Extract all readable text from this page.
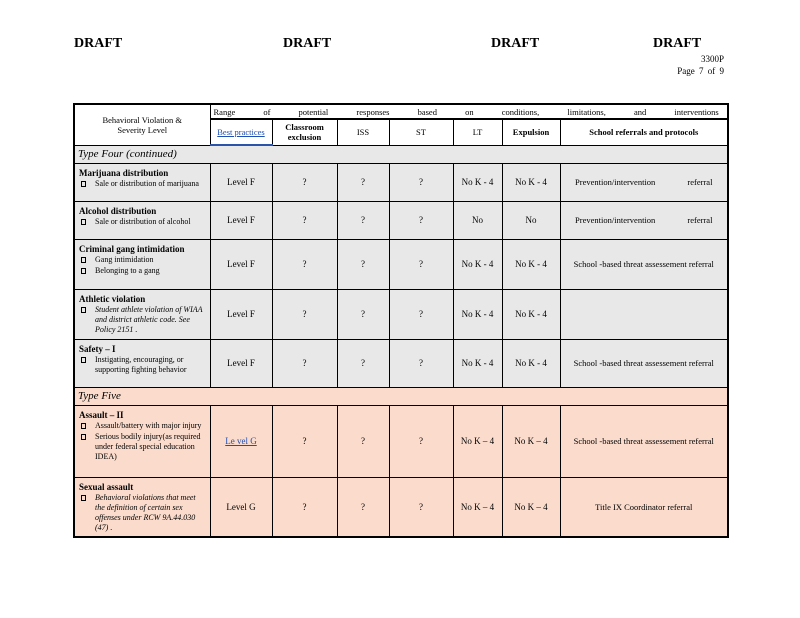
DRAFT	DRAFT	DRAFT	DRAFT
3300P
Page 7 of 9
Behavioral Violation &
Severity Level	Range of potential responses based on conditions, limitations, and interventions						
	Best practices	Classroom exclusion	ISS	ST	LT	Expulsion	School referrals and protocols
Type Four (continued)							

Marijuana distribution
Sale or distribution of marijuana	Level F	?	?	?	No K - 4	No K - 4	Prevention/intervention referral

Alcohol distribution
Sale or distribution of alcohol	Level F	?	?	?	No	No	Prevention/intervention referral

Criminal gang intimidation
Gang intimidation
Belonging to a gang	Level F	?	?	?	No K - 4	No K - 4	School -based threat assessement referral

Athletic violation
Student athlete violation of WIAA and district athletic code. See Policy 2151 .	Level F	?	?	?	No K - 4	No K - 4	

Safety – I
Instigating, encouraging, or supporting fighting behavior	Level F	?	?	?	No K - 4	No K - 4	School -based threat assessement referral
Type Five							

Assault – II
Assault/battery with major injury
Serious bodily injury(as required under federal special education IDEA)	Le vel G	?	?	?	No K – 4	No K – 4	School -based threat assessement referral

Sexual assault
Behavioral violations that meet the definition of certain sex offenses under RCW 9A.44.030 (47) .	Level G	?	?	?	No K – 4	No K – 4	Title IX Coordinator referral
